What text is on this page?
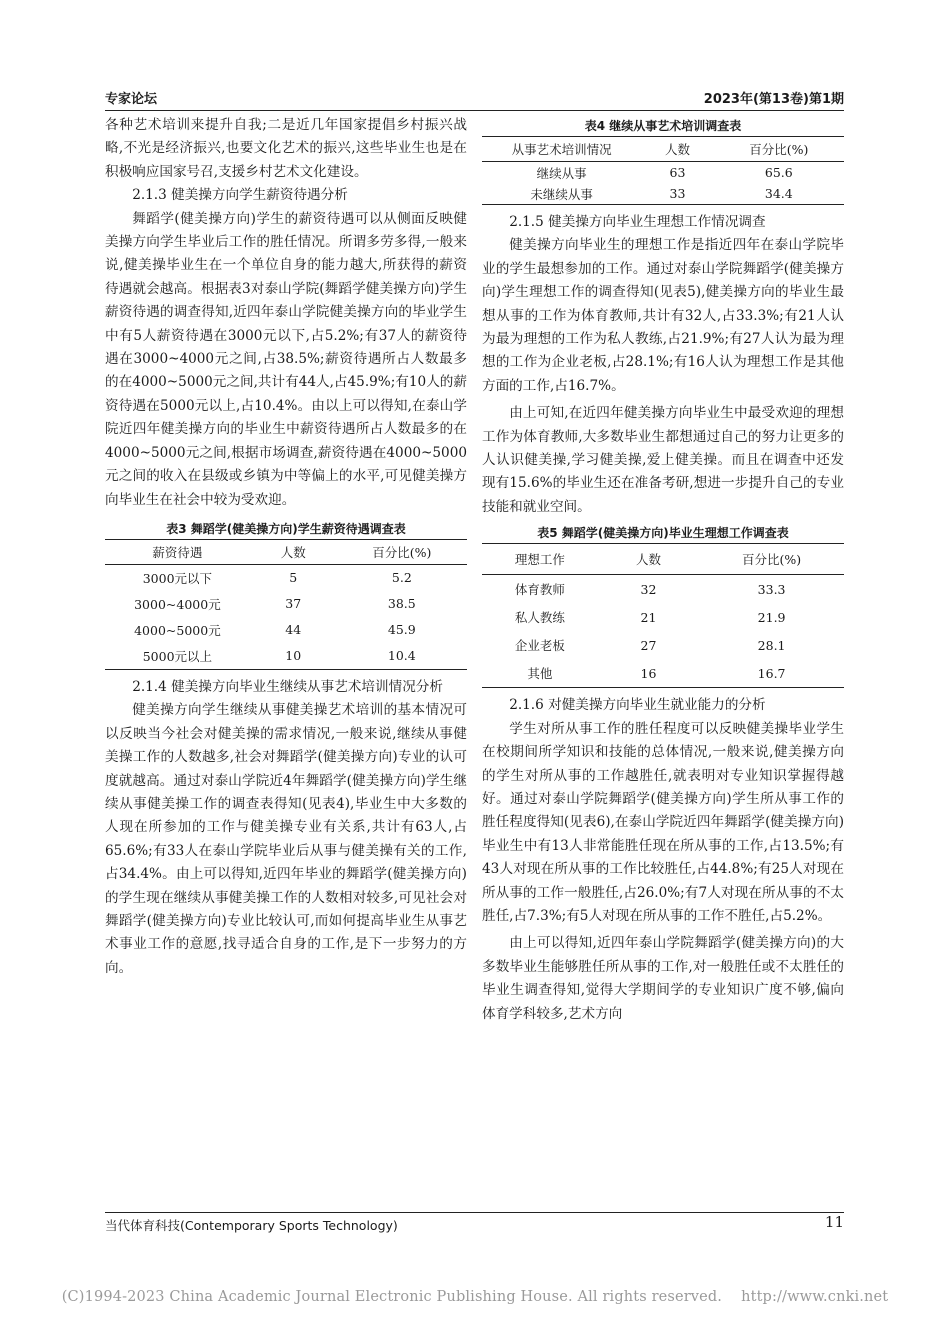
专家论坛	2023年(第13卷)第1期

各种艺术培训来提升自我;二是近几年国家提倡乡村振兴战略,不光是经济振兴,也要文化艺术的振兴,这些毕业生也是在积极响应国家号召,支援乡村艺术文化建设。

2.1.3 健美操方向学生薪资待遇分析

舞蹈学(健美操方向)学生的薪资待遇可以从侧面反映健美操方向学生毕业后工作的胜任情况。所谓多劳多得,一般来说,健美操毕业生在一个单位自身的能力越大,所获得的薪资待遇就会越高。根据表3对泰山学院(舞蹈学健美操方向)学生薪资待遇的调查得知,近四年泰山学院健美操方向的毕业学生中有5人薪资待遇在3000元以下,占5.2%;有37人的薪资待遇在3000~4000元之间,占38.5%;薪资待遇所占人数最多的在4000~5000元之间,共计有44人,占45.9%;有10人的薪资待遇在5000元以上,占10.4%。由以上可以得知,在泰山学院近四年健美操方向的毕业生中薪资待遇所占人数最多的在4000~5000元之间,根据市场调查,薪资待遇在4000~5000元之间的收入在县级或乡镇为中等偏上的水平,可见健美操方向毕业生在社会中较为受欢迎。

表3 舞蹈学(健美操方向)学生薪资待遇调查表
薪资待遇	人数	百分比(%)
3000元以下	5	5.2
3000~4000元	37	38.5
4000~5000元	44	45.9
5000元以上	10	10.4
2.1.4 健美操方向毕业生继续从事艺术培训情况分析

健美操方向学生继续从事健美操艺术培训的基本情况可以反映当今社会对健美操的需求情况,一般来说,继续从事健美操工作的人数越多,社会对舞蹈学(健美操方向)专业的认可度就越高。通过对泰山学院近4年舞蹈学(健美操方向)学生继续从事健美操工作的调查表得知(见表4),毕业生中大多数的人现在所参加的工作与健美操专业有关系,共计有63人,占65.6%;有33人在泰山学院毕业后从事与健美操有关的工作,占34.4%。由上可以得知,近四年毕业的舞蹈学(健美操方向)的学生现在继续从事健美操工作的人数相对较多,可见社会对舞蹈学(健美操方向)专业比较认可,而如何提高毕业生从事艺术事业工作的意愿,找寻适合自身的工作,是下一步努力的方向。

表4 继续从事艺术培训调查表
从事艺术培训情况	人数	百分比(%)
继续从事	63	65.6
未继续从事	33	34.4
2.1.5 健美操方向毕业生理想工作情况调查

健美操方向毕业生的理想工作是指近四年在泰山学院毕业的学生最想参加的工作。通过对泰山学院舞蹈学(健美操方向)学生理想工作的调查得知(见表5),健美操方向的毕业生最想从事的工作为体育教师,共计有32人,占33.3%;有21人认为最为理想的工作为私人教练,占21.9%;有27人认为最为理想的工作为企业老板,占28.1%;有16人认为理想工作是其他方面的工作,占16.7%。

由上可知,在近四年健美操方向毕业生中最受欢迎的理想工作为体育教师,大多数毕业生都想通过自己的努力让更多的人认识健美操,学习健美操,爱上健美操。而且在调查中还发现有15.6%的毕业生还在准备考研,想进一步提升自己的专业技能和就业空间。

表5 舞蹈学(健美操方向)毕业生理想工作调查表
理想工作	人数	百分比(%)
体育教师	32	33.3
私人教练	21	21.9
企业老板	27	28.1
其他	16	16.7
2.1.6 对健美操方向毕业生就业能力的分析

学生对所从事工作的胜任程度可以反映健美操毕业学生在校期间所学知识和技能的总体情况,一般来说,健美操方向的学生对所从事的工作越胜任,就表明对专业知识掌握得越好。通过对泰山学院舞蹈学(健美操方向)学生所从事工作的胜任程度得知(见表6),在泰山学院近四年舞蹈学(健美操方向)毕业生中有13人非常能胜任现在所从事的工作,占13.5%;有43人对现在所从事的工作比较胜任,占44.8%;有25人对现在所从事的工作一般胜任,占26.0%;有7人对现在所从事的不太胜任,占7.3%;有5人对现在所从事的工作不胜任,占5.2%。

由上可以得知,近四年泰山学院舞蹈学(健美操方向)的大多数毕业生能够胜任所从事的工作,对一般胜任或不太胜任的毕业生调查得知,觉得大学期间学的专业知识广度不够,偏向体育学科较多,艺术方向

当代体育科技(Contemporary Sports Technology)	11
(C)1994-2023 China Academic Journal Electronic Publishing House. All rights reserved.    http://www.cnki.net
